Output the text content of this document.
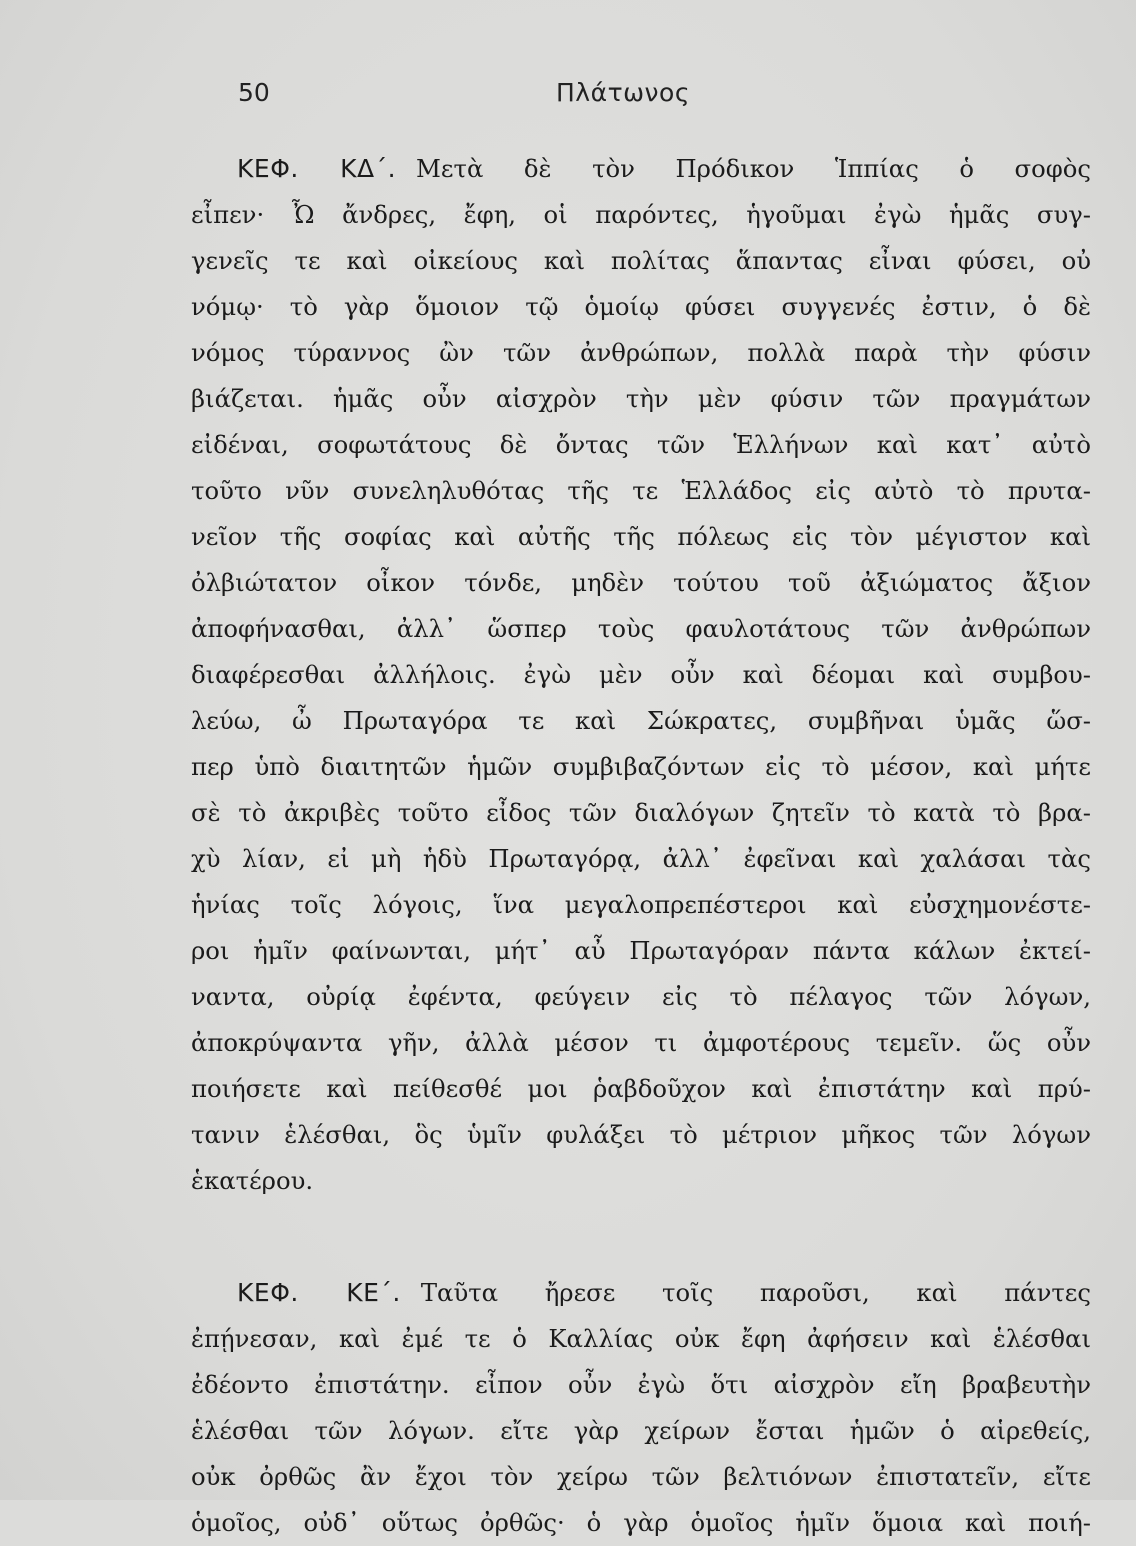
50	Πλάτωνος
ΚΕΦ. ΚΔ΄. Μετὰ δὲ τὸν Πρόδικον Ἱππίας ὁ σοφὸς
εἶπεν· Ὦ ἄνδρες, ἔφη, οἱ παρόντες, ἡγοῦμαι ἐγὼ ἡμᾶς συγ-
γενεῖς τε καὶ οἰκείους καὶ πολίτας ἅπαντας εἶναι φύσει, οὐ
νόμῳ· τὸ γὰρ ὅμοιον τῷ ὁμοίῳ φύσει συγγενές ἐστιν, ὁ δὲ
νόμος τύραννος ὢν τῶν ἀνθρώπων, πολλὰ παρὰ τὴν φύσιν
βιάζεται. ἡμᾶς οὖν αἰσχρὸν τὴν μὲν φύσιν τῶν πραγμάτων
εἰδέναι, σοφωτάτους δὲ ὄντας τῶν Ἑλλήνων καὶ κατ᾽ αὐτὸ
τοῦτο νῦν συνεληλυθότας τῆς τε Ἑλλάδος εἰς αὐτὸ τὸ πρυτα-
νεῖον τῆς σοφίας καὶ αὐτῆς τῆς πόλεως εἰς τὸν μέγιστον καὶ
ὀλβιώτατον οἶκον τόνδε, μηδὲν τούτου τοῦ ἀξιώματος ἄξιον
ἀποφήνασθαι, ἀλλ᾽ ὥσπερ τοὺς φαυλοτάτους τῶν ἀνθρώπων
διαφέρεσθαι ἀλλήλοις. ἐγὼ μὲν οὖν καὶ δέομαι καὶ συμβου-
λεύω, ὦ Πρωταγόρα τε καὶ Σώκρατες, συμβῆναι ὑμᾶς ὥσ-
περ ὑπὸ διαιτητῶν ἡμῶν συμβιβαζόντων εἰς τὸ μέσον, καὶ μήτε
σὲ τὸ ἀκριβὲς τοῦτο εἶδος τῶν διαλόγων ζητεῖν τὸ κατὰ τὸ βρα-
χὺ λίαν, εἰ μὴ ἡδὺ Πρωταγόρᾳ, ἀλλ᾽ ἐφεῖναι καὶ χαλάσαι τὰς
ἡνίας τοῖς λόγοις, ἵνα μεγαλοπρεπέστεροι καὶ εὐσχημονέστε-
ροι ἡμῖν φαίνωνται, μήτ᾽ αὖ Πρωταγόραν πάντα κάλων ἐκτεί-
ναντα, οὐρίᾳ ἐφέντα, φεύγειν εἰς τὸ πέλαγος τῶν λόγων,
ἀποκρύψαντα γῆν, ἀλλὰ μέσον τι ἀμφοτέρους τεμεῖν. ὥς οὖν
ποιήσετε καὶ πείθεσθέ μοι ῥαβδοῦχον καὶ ἐπιστάτην καὶ πρύ-
τανιν ἑλέσθαι, ὃς ὑμῖν φυλάξει τὸ μέτριον μῆκος τῶν λόγων
ἑκατέρου.
ΚΕΦ. ΚΕ΄. Ταῦτα ἤρεσε τοῖς παροῦσι, καὶ πάντες
ἐπῄνεσαν, καὶ ἐμέ τε ὁ Καλλίας οὐκ ἔφη ἀφήσειν καὶ ἑλέσθαι
ἐδέοντο ἐπιστάτην. εἶπον οὖν ἐγὼ ὅτι αἰσχρὸν εἴη βραβευτὴν
ἑλέσθαι τῶν λόγων. εἴτε γὰρ χείρων ἔσται ἡμῶν ὁ αἱρεθείς,
οὐκ ὀρθῶς ἂν ἔχοι τὸν χείρω τῶν βελτιόνων ἐπιστατεῖν, εἴτε
ὁμοῖος, οὐδ᾽ οὕτως ὀρθῶς· ὁ γὰρ ὁμοῖος ἡμῖν ὅμοια καὶ ποιή-
